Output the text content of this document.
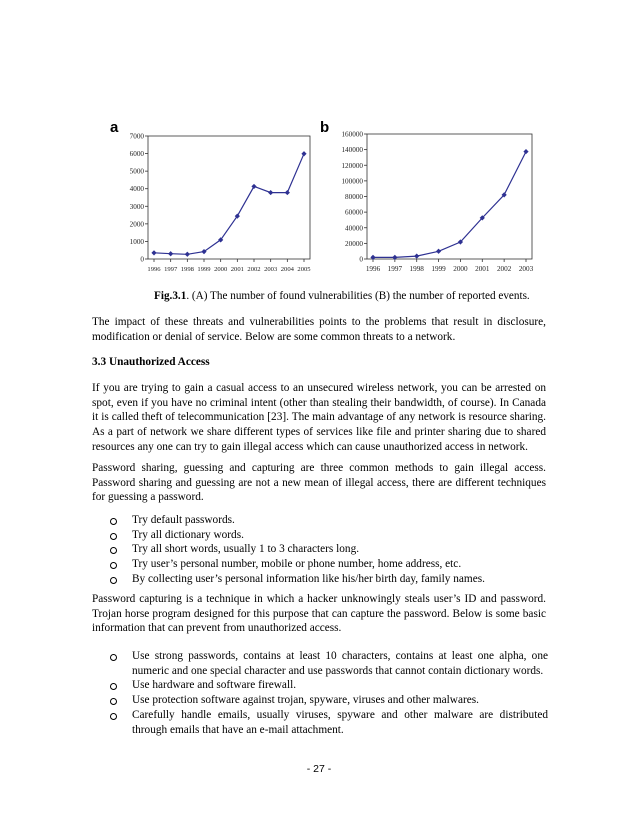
a
0
1000
2000
3000
4000
5000
6000
7000
1996 1997 1998 1999 2000 2001 2002 2003 2004 2005
b
0
20000
40000
60000
80000
100000
120000
140000
160000
1996 1997 1998 1999 2000 2001 2002 2003
Fig.3.1. (A) The number of found vulnerabilities (B) the number of reported events.

The impact of these threats and vulnerabilities points to the problems that result in disclosure, modification or denial of service. Below are some common threats to a network.

3.3 Unauthorized Access

If you are trying to gain a casual access to an unsecured wireless network, you can be arrested on spot, even if you have no criminal intent (other than stealing their bandwidth, of course). In Canada it is called theft of telecommunication [23]. The main advantage of any network is resource sharing. As a part of network we share different types of services like file and printer sharing due to shared resources any one can try to gain illegal access which can cause unauthorized access in network.

Password sharing, guessing and capturing are three common methods to gain illegal access. Password sharing and guessing are not a new mean of illegal access, there are different techniques for guessing a password.

Try default passwords.
Try all dictionary words.
Try all short words, usually 1 to 3 characters long.
Try user’s personal number, mobile or phone number, home address, etc.
By collecting user’s personal information like his/her birth day, family names.

Password capturing is a technique in which a hacker unknowingly steals user’s ID and password. Trojan horse program designed for this purpose that can capture the password. Below is some basic information that can prevent from unauthorized access.

Use strong passwords, contains at least 10 characters, contains at least one alpha, one numeric and one special character and use passwords that cannot contain dictionary words.
Use hardware and software firewall.
Use protection software against trojan, spyware, viruses and other malwares.
Carefully handle emails, usually viruses, spyware and other malware are distributed through emails that have an e-mail attachment.
- 27 -
